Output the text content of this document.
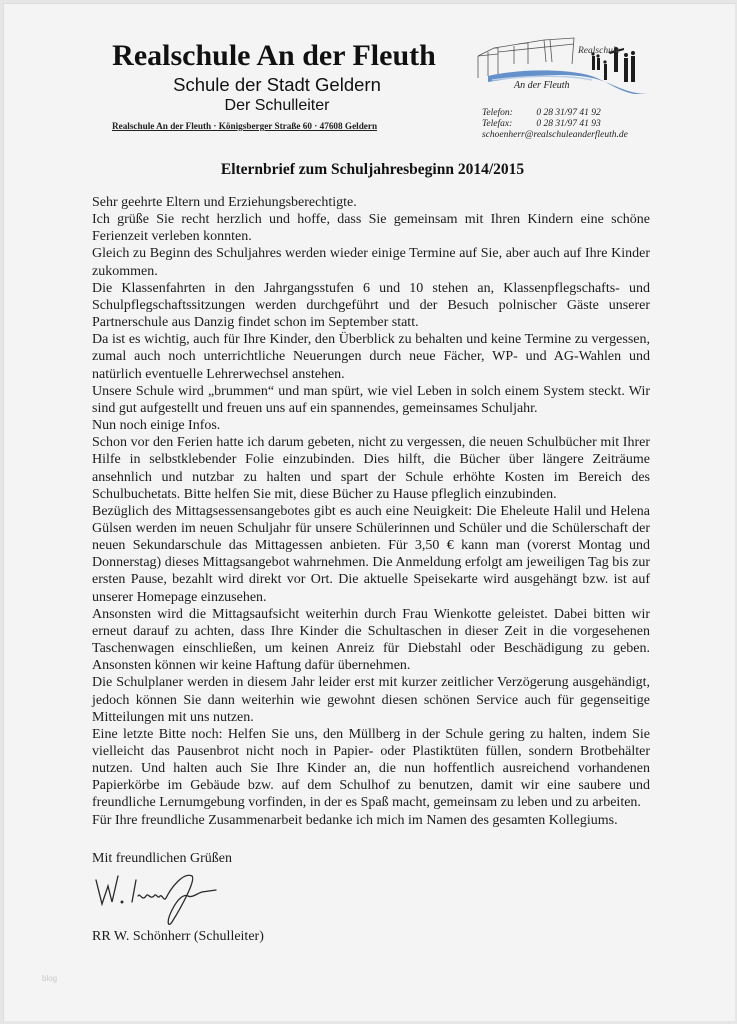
Realschule An der Fleuth
Schule der Stadt Geldern
Der Schulleiter
Realschule An der Fleuth · Königsberger Straße 60 · 47608 Geldern
Realschule
An der Fleuth
Telefon: 0 28 31/97 41 92
Telefax:	0 28 31/97 41 93
schoenherr@realschuleanderfleuth.de
Elternbrief zum Schuljahresbeginn 2014/2015

Sehr geehrte Eltern und Erziehungsberechtigte.

Ich grüße Sie recht herzlich und hoffe, dass Sie gemeinsam mit Ihren Kindern eine schöne Ferienzeit verleben konnten.

Gleich zu Beginn des Schuljahres werden wieder einige Termine auf Sie, aber auch auf Ihre Kinder zukommen.

Die Klassenfahrten in den Jahrgangsstufen 6 und 10 stehen an, Klassenpflegschafts- und Schulpflegschaftssitzungen werden durchgeführt und der Besuch polnischer Gäste unserer Partnerschule aus Danzig findet schon im September statt.

Da ist es wichtig, auch für Ihre Kinder, den Überblick zu behalten und keine Termine zu vergessen, zumal auch noch unterrichtliche Neuerungen durch neue Fächer, WP- und AG-Wahlen und natürlich eventuelle Lehrerwechsel anstehen.

Unsere Schule wird „brummen“ und man spürt, wie viel Leben in solch einem System steckt. Wir sind gut aufgestellt und freuen uns auf ein spannendes, gemeinsames Schuljahr.

Nun noch einige Infos.

Schon vor den Ferien hatte ich darum gebeten, nicht zu vergessen, die neuen Schulbücher mit Ihrer Hilfe in selbstklebender Folie einzubinden. Dies hilft, die Bücher über längere Zeiträume ansehnlich und nutzbar zu halten und spart der Schule erhöhte Kosten im Bereich des Schulbuchetats. Bitte helfen Sie mit, diese Bücher zu Hause pfleglich einzubinden.

Bezüglich des Mittagsessensangebotes gibt es auch eine Neuigkeit: Die Eheleute Halil und Helena Gülsen werden im neuen Schuljahr für unsere Schülerinnen und Schüler und die Schülerschaft der neuen Sekundarschule das Mittagessen anbieten. Für 3,50 € kann man (vorerst Montag und Donnerstag) dieses Mittagsangebot wahrnehmen. Die Anmeldung erfolgt am jeweiligen Tag bis zur ersten Pause, bezahlt wird direkt vor Ort. Die aktuelle Speisekarte wird ausgehängt bzw. ist auf unserer Homepage einzusehen.

Ansonsten wird die Mittagsaufsicht weiterhin durch Frau Wienkotte geleistet. Dabei bitten wir erneut darauf zu achten, dass Ihre Kinder die Schultaschen in dieser Zeit in die vorgesehenen Taschenwagen einschließen, um keinen Anreiz für Diebstahl oder Beschädigung zu geben. Ansonsten können wir keine Haftung dafür übernehmen.

Die Schulplaner werden in diesem Jahr leider erst mit kurzer zeitlicher Verzögerung ausgehändigt, jedoch können Sie dann weiterhin wie gewohnt diesen schönen Service auch für gegenseitige Mitteilungen mit uns nutzen.

Eine letzte Bitte noch: Helfen Sie uns, den Müllberg in der Schule gering zu halten, indem Sie vielleicht das Pausenbrot nicht noch in Papier- oder Plastiktüten füllen, sondern Brotbehälter nutzen. Und halten auch Sie Ihre Kinder an, die nun hoffentlich ausreichend vorhandenen Papierkörbe im Gebäude bzw. auf dem Schulhof zu benutzen, damit wir eine saubere und freundliche Lernumgebung vorfinden, in der es Spaß macht, gemeinsam zu leben und zu arbeiten.

Für Ihre freundliche Zusammenarbeit bedanke ich mich im Namen des gesamten Kollegiums.

Mit freundlichen Grüßen
RR W. Schönherr (Schulleiter)
blog
